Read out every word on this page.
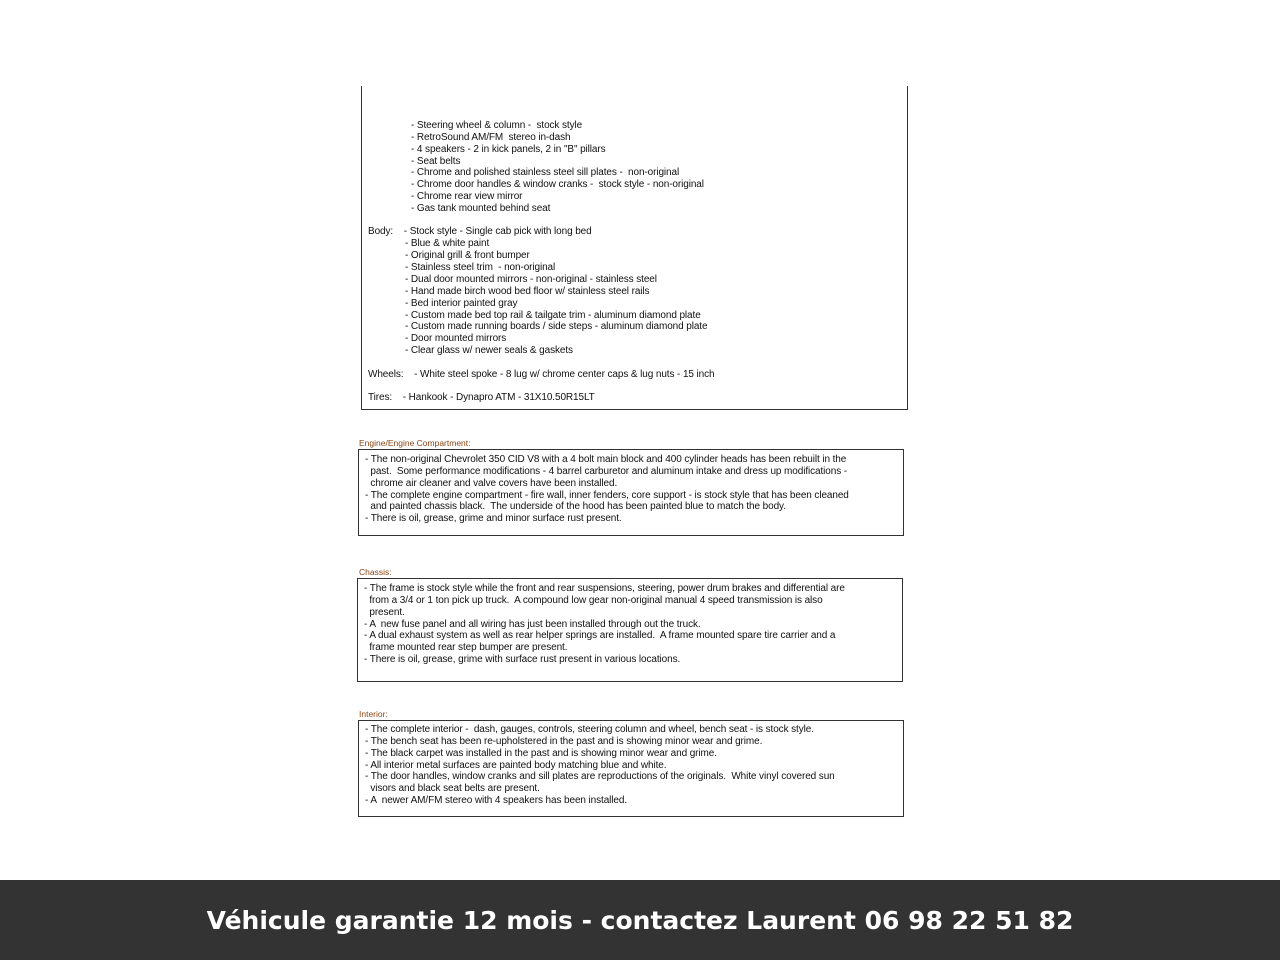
- Steering wheel & column -  stock style
- RetroSound AM/FM  stereo in-dash
- 4 speakers - 2 in kick panels, 2 in "B" pillars
- Seat belts
- Chrome and polished stainless steel sill plates -  non-original
- Chrome door handles & window cranks -  stock style - non-original
- Chrome rear view mirror
- Gas tank mounted behind seat
Body:    - Stock style - Single cab pick with long bed
- Blue & white paint
- Original grill & front bumper
- Stainless steel trim  - non-original
- Dual door mounted mirrors - non-original - stainless steel
- Hand made birch wood bed floor w/ stainless steel rails
- Bed interior painted gray
- Custom made bed top rail & tailgate trim - aluminum diamond plate
- Custom made running boards / side steps - aluminum diamond plate
- Door mounted mirrors
- Clear glass w/ newer seals & gaskets
Wheels:    - White steel spoke - 8 lug w/ chrome center caps & lug nuts - 15 inch
Tires:    - Hankook - Dynapro ATM - 31X10.50R15LT
Engine/Engine Compartment:
- The non-original Chevrolet 350 CID V8 with a 4 bolt main block and 400 cylinder heads has been rebuilt in the
past.  Some performance modifications - 4 barrel carburetor and aluminum intake and dress up modifications -
chrome air cleaner and valve covers have been installed.
- The complete engine compartment - fire wall, inner fenders, core support - is stock style that has been cleaned
and painted chassis black.  The underside of the hood has been painted blue to match the body.
- There is oil, grease, grime and minor surface rust present.
Chassis:
- The frame is stock style while the front and rear suspensions, steering, power drum brakes and differential are
from a 3/4 or 1 ton pick up truck.  A compound low gear non-original manual 4 speed transmission is also
present.
- A  new fuse panel and all wiring has just been installed through out the truck.
- A dual exhaust system as well as rear helper springs are installed.  A frame mounted spare tire carrier and a
frame mounted rear step bumper are present.
- There is oil, grease, grime with surface rust present in various locations.
Interior:
- The complete interior -  dash, gauges, controls, steering column and wheel, bench seat - is stock style.
- The bench seat has been re-upholstered in the past and is showing minor wear and grime.
- The black carpet was installed in the past and is showing minor wear and grime.
- All interior metal surfaces are painted body matching blue and white.
- The door handles, window cranks and sill plates are reproductions of the originals.  White vinyl covered sun
visors and black seat belts are present.
- A  newer AM/FM stereo with 4 speakers has been installed.
Véhicule garantie 12 mois - contactez Laurent 06 98 22 51 82
